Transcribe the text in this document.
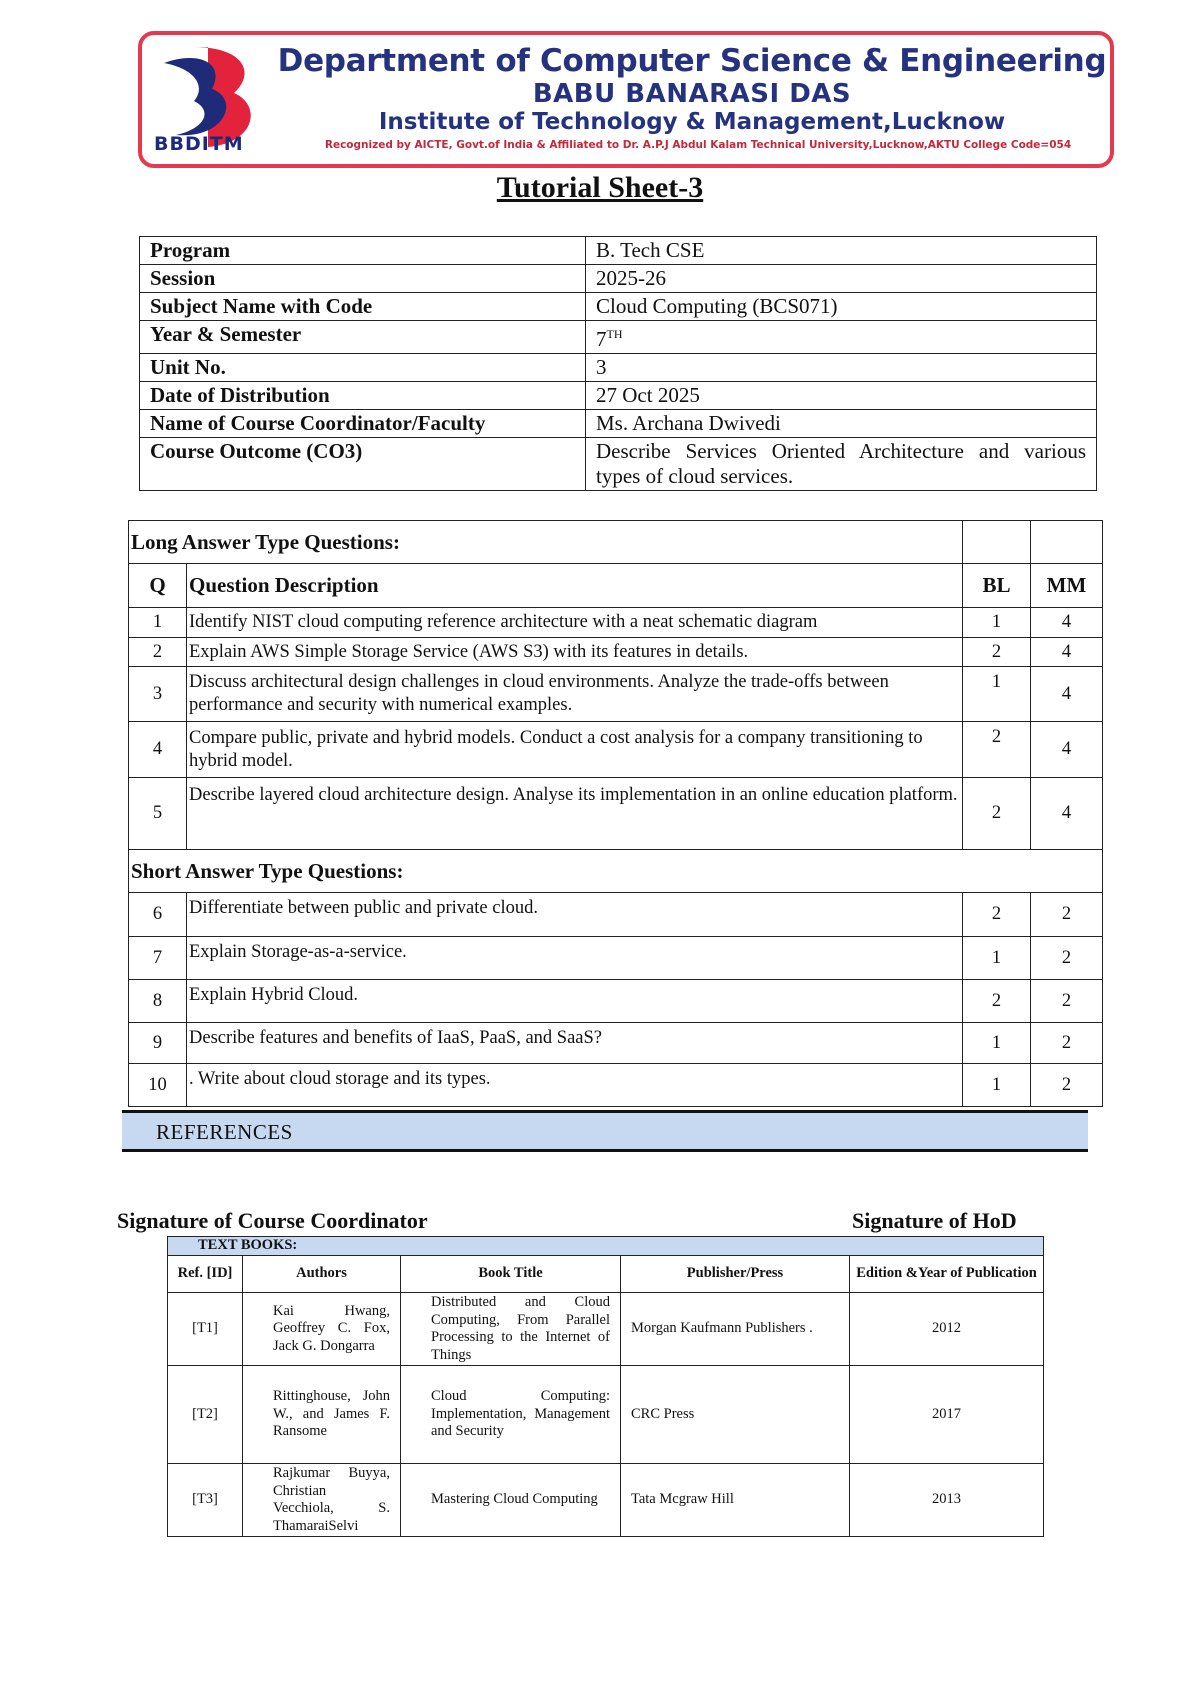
BBDITM
Department of Computer Science & Engineering
BABU BANARASI DAS
Institute of Technology & Management,Lucknow
Recognized by AICTE, Govt.of India & Affiliated to Dr. A.P.J Abdul Kalam Technical University,Lucknow,AKTU College Code=054
Tutorial Sheet-3
Program	B. Tech CSE
Session	2025-26
Subject Name with Code	Cloud Computing (BCS071)
Year & Semester	7TH
Unit No.	3
Date of Distribution	27 Oct 2025
Name of Course Coordinator/Faculty	Ms. Archana Dwivedi
Course Outcome (CO3)	Describe Services Oriented Architecture and various types of cloud services.
Long Answer Type Questions:			
Q	Question Description	BL	MM
1	Identify NIST cloud computing reference architecture with a neat schematic diagram	1	4
2	Explain AWS Simple Storage Service (AWS S3) with its features in details.	2	4
3	Discuss architectural design challenges in cloud environments. Analyze the trade-offs between performance and security with numerical examples.	1	4
4	Compare public, private and hybrid models. Conduct a cost analysis for a company transitioning to hybrid model.	2	4
5	Describe layered cloud architecture design. Analyse its implementation in an online education platform.	2	4
Short Answer Type Questions:			
6	Differentiate between public and private cloud.	2	2
7	Explain Storage-as-a-service.	1	2
8	Explain Hybrid Cloud.	2	2
9	Describe features and benefits of IaaS, PaaS, and SaaS?	1	2
10	. Write about cloud storage and its types.	1	2
REFERENCES
Signature of Course Coordinator	Signature of HoD
TEXT BOOKS:				
Ref. [ID]	Authors	Book Title	Publisher/Press	Edition &Year of Publication
[T1]	Kai Hwang, Geoffrey C. Fox, Jack G. Dongarra	Distributed and Cloud Computing, From Parallel Processing to the Internet of Things	Morgan Kaufmann Publishers .	2012
[T2]	Rittinghouse, John W., and James F. Ransome	Cloud Computing: Implementation, Management and Security	CRC Press	2017
[T3]	Rajkumar Buyya, Christian Vecchiola, S. ThamaraiSelvi	Mastering Cloud Computing	Tata Mcgraw Hill	2013
